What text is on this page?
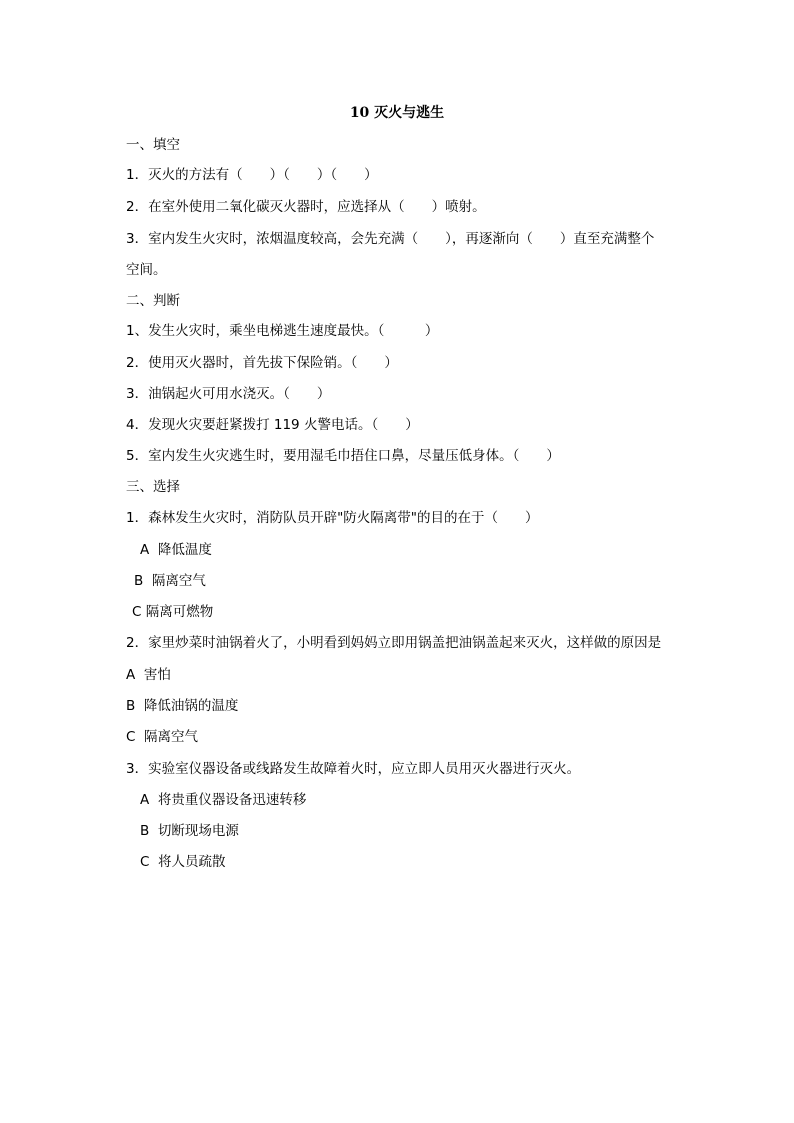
10 灭火与逃生
一、填空
1．灭火的方法有（　　）（　　）（　　）
2．在室外使用二氧化碳灭火器时，应选择从（　　）喷射。
3．室内发生火灾时，浓烟温度较高，会先充满（　　），再逐渐向（　　）直至充满整个
空间。
二、判断
1、发生火灾时，乘坐电梯逃生速度最快。（　　　）
2．使用灭火器时，首先拔下保险销。（　　）
3．油锅起火可用水浇灭。（　　）
4．发现火灾要赶紧拨打 119 火警电话。（　　）
5．室内发生火灾逃生时，要用湿毛巾捂住口鼻，尽量压低身体。（　　）
三、选择
1．森林发生火灾时，消防队员开辟"防火隔离带"的目的在于（　　）
A  降低温度
B  隔离空气
C 隔离可燃物
2．家里炒菜时油锅着火了，小明看到妈妈立即用锅盖把油锅盖起来灭火，这样做的原因是
A  害怕
B  降低油锅的温度
C  隔离空气
3．实验室仪器设备或线路发生故障着火时，应立即人员用灭火器进行灭火。
A  将贵重仪器设备迅速转移
B  切断现场电源
C  将人员疏散
